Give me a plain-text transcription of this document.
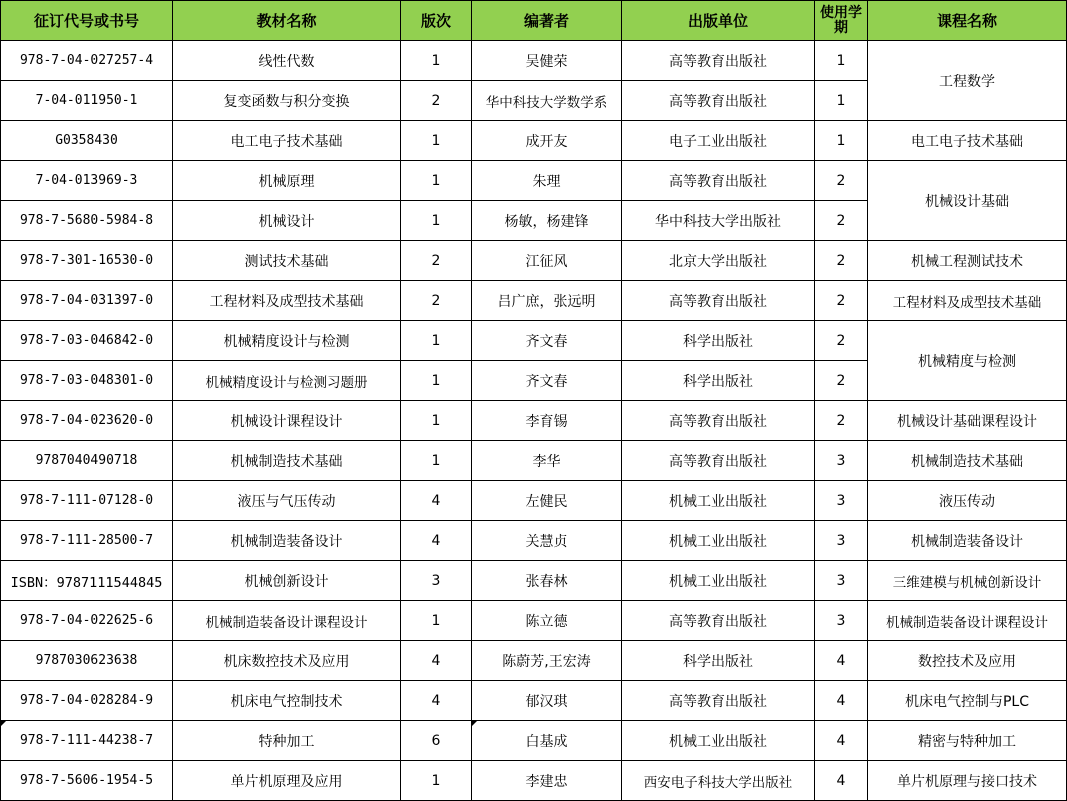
征订代号或书号	教材名称	版次	编著者	出版单位	使用学期	课程名称
978-7-04-027257-4	线性代数	1	吴健荣	高等教育出版社	1	工程数学
7-04-011950-1	复变函数与积分变换	2	华中科技大学数学系	高等教育出版社	1	
G0358430	电工电子技术基础	1	成开友	电子工业出版社	1	电工电子技术基础
7-04-013969-3	机械原理	1	朱理	高等教育出版社	2	机械设计基础
978-7-5680-5984-8	机械设计	1	杨敏，杨建锋	华中科技大学出版社	2	
978-7-301-16530-0	测试技术基础	2	江征风	北京大学出版社	2	机械工程测试技术
978-7-04-031397-0	工程材料及成型技术基础	2	吕广庶，张远明	高等教育出版社	2	工程材料及成型技术基础
978-7-03-046842-0	机械精度设计与检测	1	齐文春	科学出版社	2	机械精度与检测
978-7-03-048301-0	机械精度设计与检测习题册	1	齐文春	科学出版社	2	
978-7-04-023620-0	机械设计课程设计	1	李育锡	高等教育出版社	2	机械设计基础课程设计
9787040490718	机械制造技术基础	1	李华	高等教育出版社	3	机械制造技术基础
978-7-111-07128-0	液压与气压传动	4	左健民	机械工业出版社	3	液压传动
978-7-111-28500-7	机械制造装备设计	4	关慧贞	机械工业出版社	3	机械制造装备设计
ISBN：9787111544845	机械创新设计	3	张春林	机械工业出版社	3	三维建模与机械创新设计
978-7-04-022625-6	机械制造装备设计课程设计	1	陈立德	高等教育出版社	3	机械制造装备设计课程设计
9787030623638	机床数控技术及应用	4	陈蔚芳,王宏涛	科学出版社	4	数控技术及应用
978-7-04-028284-9	机床电气控制技术	4	郁汉琪	高等教育出版社	4	机床电气控制与PLC
978-7-111-44238-7	特种加工	6	白基成	机械工业出版社	4	精密与特种加工
978-7-5606-1954-5	单片机原理及应用	1	李建忠	西安电子科技大学出版社	4	单片机原理与接口技术
